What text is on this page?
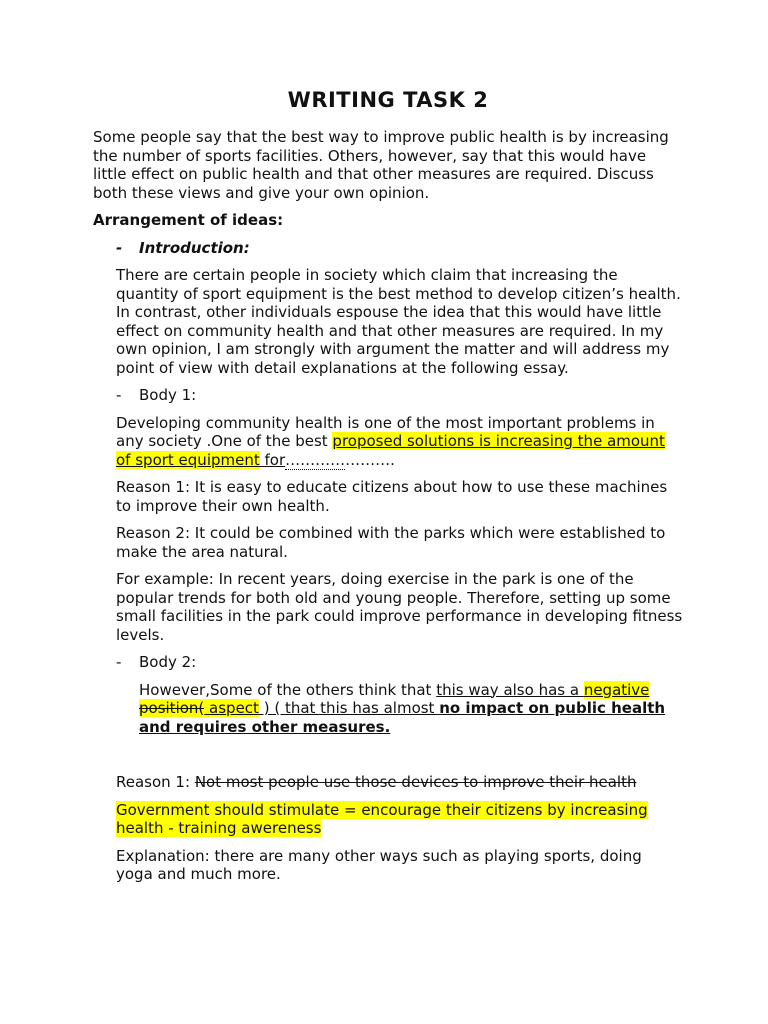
WRITING TASK 2

Some people say that the best way to improve public health is by increasing the number of sports facilities. Others, however, say that this would have little effect on public health and that other measures are required. Discuss both these views and give your own opinion.

Arrangement of ideas:

- Introduction:

There are certain people in society which claim that increasing the quantity of sport equipment is the best method to develop citizen’s health. In contrast, other individuals espouse the idea that this would have little effect on community health and that other measures are required. In my own opinion, I am strongly with argument the matter and will address my point of view with detail explanations at the following essay.

- Body 1:

Developing community health is one of the most important problems in any society .One of the best proposed solutions is increasing the amount of sport equipment for………………….

Reason 1: It is easy to educate citizens about how to use these machines to improve their own health.

Reason 2: It could be combined with the parks which were established to make the area natural.

For example: In recent years, doing exercise in the park is one of the popular trends for both old and young people. Therefore, setting up some small facilities in the park could improve performance in developing fitness levels.

- Body 2:

However,Some of the others think that this way also has a negative position( aspect ) ( that this has almost no impact on public health and requires other measures.

Reason 1: Not most people use those devices to improve their health

Government should stimulate = encourage their citizens by increasing health - training awereness

Explanation: there are many other ways such as playing sports, doing yoga and much more.
